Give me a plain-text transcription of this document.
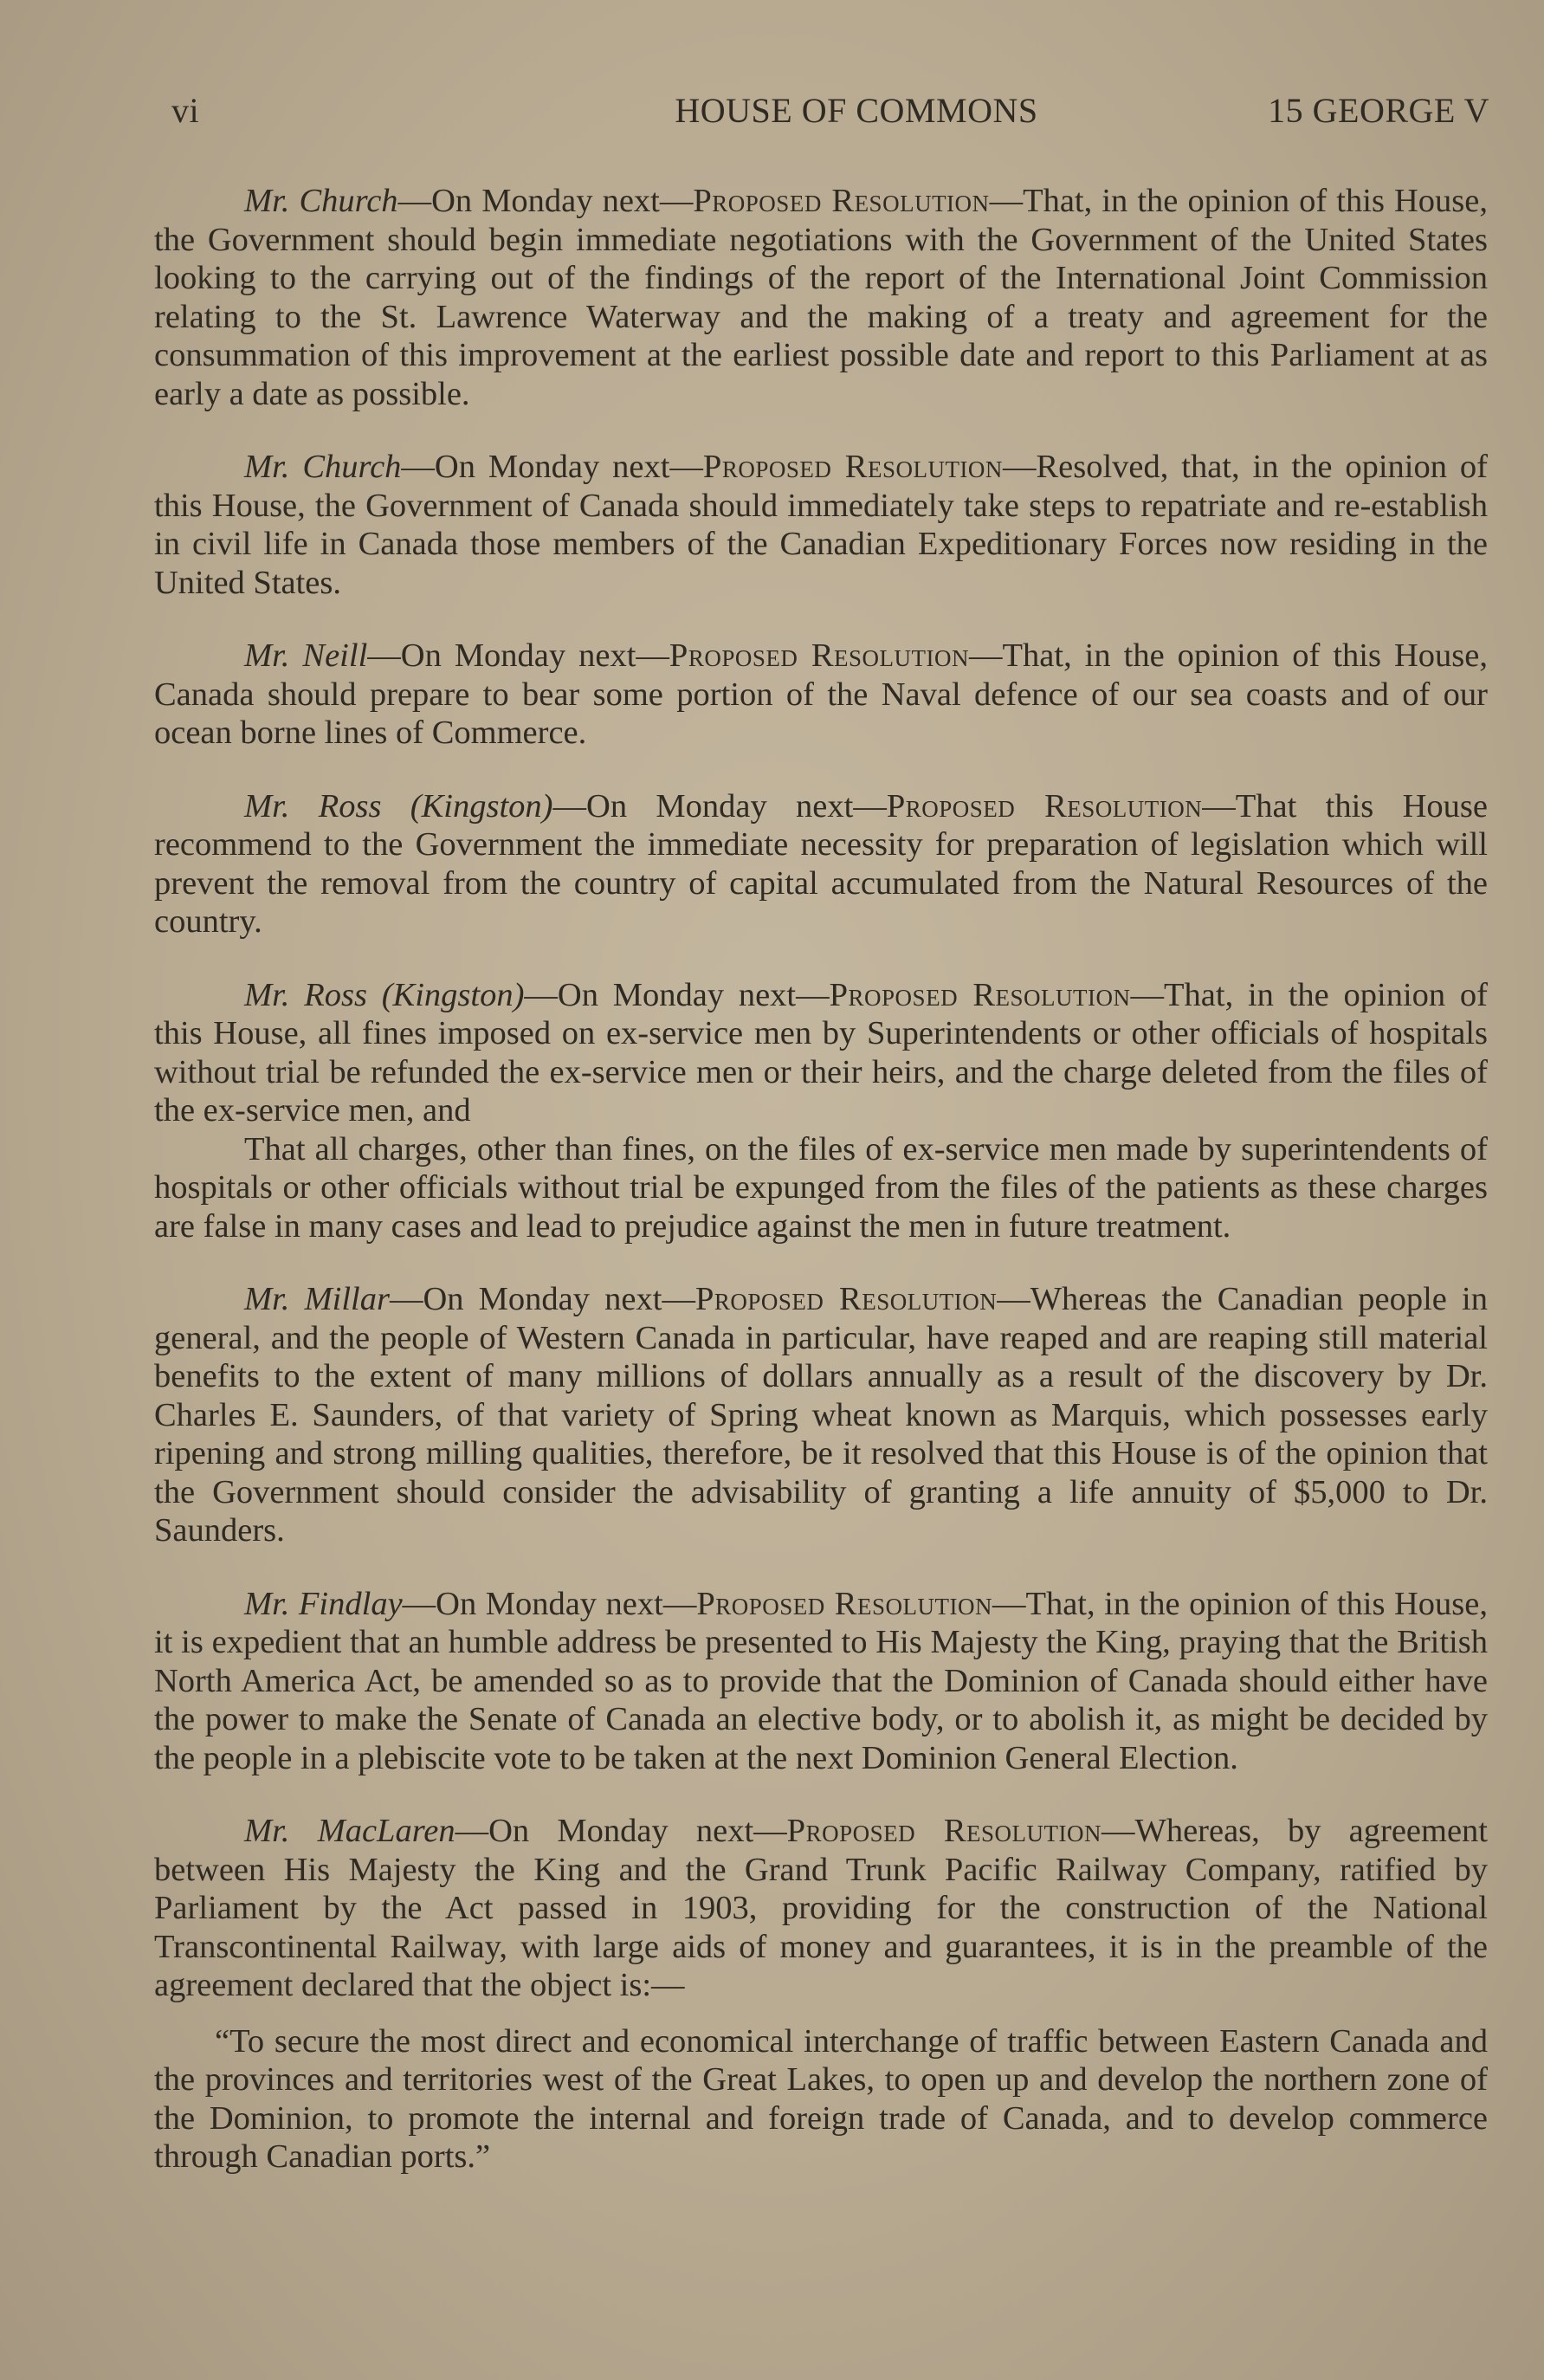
vi	HOUSE OF COMMONS	15 GEORGE V

Mr. Church—On Monday next—Proposed Resolution—That, in the opinion of this House, the Government should begin immediate negotiations with the Government of the United States looking to the carrying out of the findings of the report of the International Joint Commission relating to the St. Lawrence Waterway and the making of a treaty and agreement for the consummation of this improvement at the earliest possible date and report to this Parliament at as early a date as possible.

Mr. Church—On Monday next—Proposed Resolution—Resolved, that, in the opinion of this House, the Government of Canada should immediately take steps to repatriate and re-establish in civil life in Canada those members of the Canadian Expeditionary Forces now residing in the United States.

Mr. Neill—On Monday next—Proposed Resolution—That, in the opinion of this House, Canada should prepare to bear some portion of the Naval defence of our sea coasts and of our ocean borne lines of Commerce.

Mr. Ross (Kingston)—On Monday next—Proposed Resolution—That this House recommend to the Government the immediate necessity for preparation of legislation which will prevent the removal from the country of capital accumulated from the Natural Resources of the country.

Mr. Ross (Kingston)—On Monday next—Proposed Resolution—That, in the opinion of this House, all fines imposed on ex-service men by Superintendents or other officials of hospitals without trial be refunded the ex-service men or their heirs, and the charge deleted from the files of the ex-service men, and

That all charges, other than fines, on the files of ex-service men made by superintendents of hospitals or other officials without trial be expunged from the files of the patients as these charges are false in many cases and lead to prejudice against the men in future treatment.

Mr. Millar—On Monday next—Proposed Resolution—Whereas the Canadian people in general, and the people of Western Canada in particular, have reaped and are reaping still material benefits to the extent of many millions of dollars annually as a result of the discovery by Dr. Charles E. Saunders, of that variety of Spring wheat known as Marquis, which possesses early ripening and strong milling qualities, therefore, be it resolved that this House is of the opinion that the Government should consider the advisability of granting a life annuity of $5,000 to Dr. Saunders.

Mr. Findlay—On Monday next—Proposed Resolution—That, in the opinion of this House, it is expedient that an humble address be presented to His Majesty the King, praying that the British North America Act, be amended so as to provide that the Dominion of Canada should either have the power to make the Senate of Canada an elective body, or to abolish it, as might be decided by the people in a plebiscite vote to be taken at the next Dominion General Election.

Mr. MacLaren—On Monday next—Proposed Resolution—Whereas, by agreement between His Majesty the King and the Grand Trunk Pacific Railway Company, ratified by Parliament by the Act passed in 1903, providing for the construction of the National Transcontinental Railway, with large aids of money and guarantees, it is in the preamble of the agreement declared that the object is:—

“To secure the most direct and economical interchange of traffic between Eastern Canada and the provinces and territories west of the Great Lakes, to open up and develop the northern zone of the Dominion, to promote the internal and foreign trade of Canada, and to develop commerce through Canadian ports.”
